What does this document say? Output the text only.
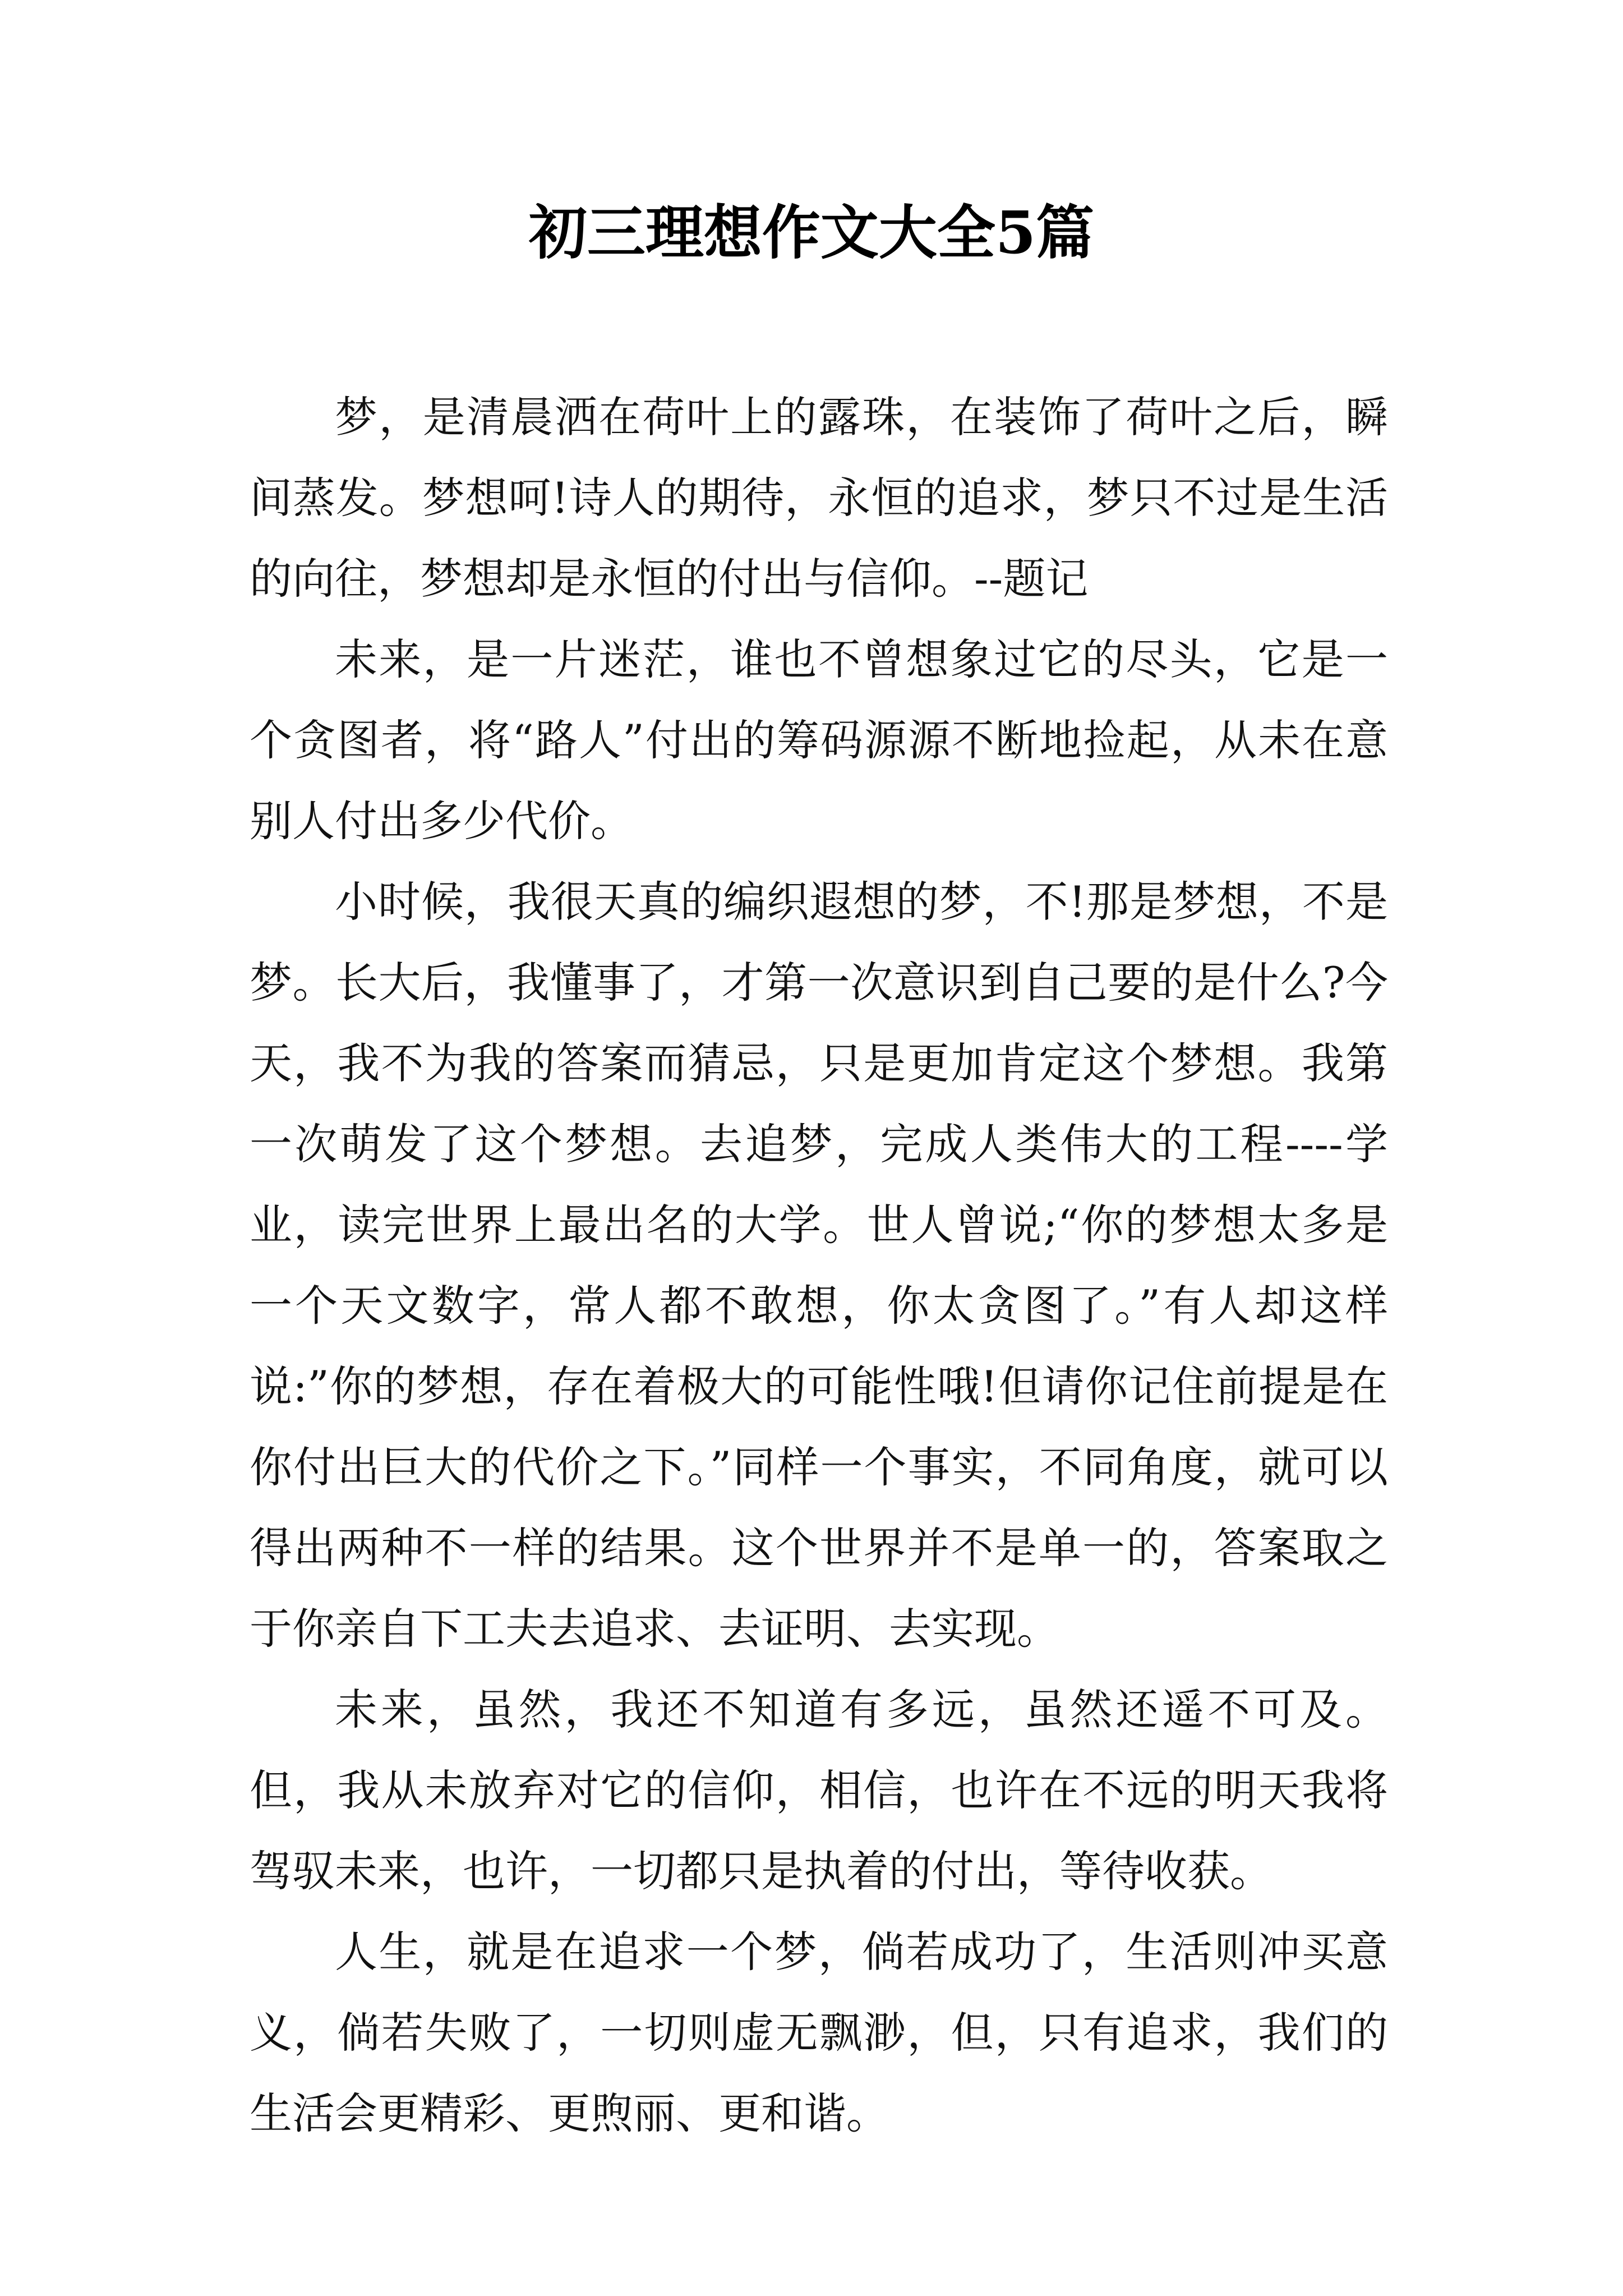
初三理想作文大全5篇

梦，是清晨洒在荷叶上的露珠，在装饰了荷叶之后，瞬间蒸发。梦想呵!诗人的期待，永恒的追求，梦只不过是生活的向往，梦想却是永恒的付出与信仰。--题记

未来，是一片迷茫，谁也不曾想象过它的尽头，它是一个贪图者，将“路人”付出的筹码源源不断地捡起，从未在意别人付出多少代价。

小时候，我很天真的编织遐想的梦，不!那是梦想，不是梦。长大后，我懂事了，才第一次意识到自己要的是什么?今天，我不为我的答案而猜忌，只是更加肯定这个梦想。我第一次萌发了这个梦想。去追梦，完成人类伟大的工程----学业，读完世界上最出名的大学。世人曾说;“你的梦想太多是一个天文数字，常人都不敢想，你太贪图了。”有人却这样说:”你的梦想，存在着极大的可能性哦!但请你记住前提是在你付出巨大的代价之下。”同样一个事实，不同角度，就可以得出两种不一样的结果。这个世界并不是单一的，答案取之于你亲自下工夫去追求、去证明、去实现。

未来，虽然，我还不知道有多远，虽然还遥不可及。但，我从未放弃对它的信仰，相信，也许在不远的明天我将驾驭未来，也许，一切都只是执着的付出，等待收获。

人生，就是在追求一个梦，倘若成功了，生活则冲买意义，倘若失败了，一切则虚无飘渺，但，只有追求，我们的生活会更精彩、更煦丽、更和谐。
